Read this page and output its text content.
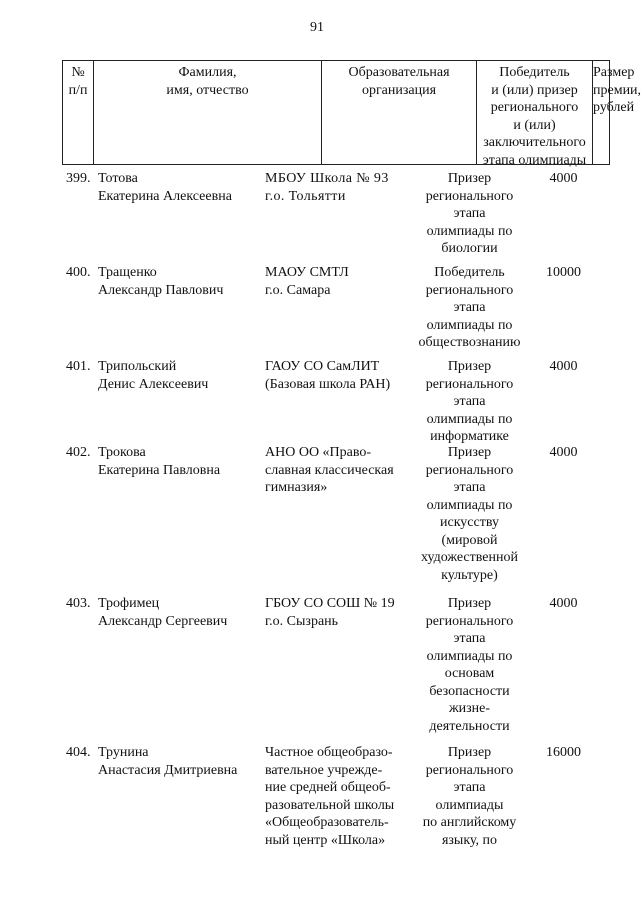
91
№
п/п
Фамилия,
имя, отчество
Образовательная
организация
Победитель
и (или) призер
регионального
и (или)
заключительного
этапа олимпиады
Размер
премии,
рублей
399. Тотова
Екатерина Алексеевна
МБОУ Школа № 93
г.о. Тольятти
Призер
регионального
этапа
олимпиады по
биологии
4000
400. Тращенко
Александр Павлович
МАОУ СМТЛ
г.о. Самара
Победитель
регионального
этапа
олимпиады по
обществознанию
10000
401. Трипольский
Денис Алексеевич
ГАОУ СО СамЛИТ
(Базовая школа РАН)
Призер
регионального
этапа
олимпиады по
информатике
4000
402. Трокова
Екатерина Павловна
АНО ОО «Право-
славная классическая
гимназия»
Призер
регионального
этапа
олимпиады по
искусству
(мировой
художественной
культуре)
4000
403. Трофимец
Александр Сергеевич
ГБОУ СО СОШ № 19
г.о. Сызрань
Призер
регионального
этапа
олимпиады по
основам
безопасности
жизне-
деятельности
4000
404. Трунина
Анастасия Дмитриевна
Частное общеобразо-
вательное учрежде-
ние средней общеоб-
разовательной школы
«Общеобразователь-
ный центр «Школа»
Призер
регионального
этапа
олимпиады
по английскому
языку, по
16000
